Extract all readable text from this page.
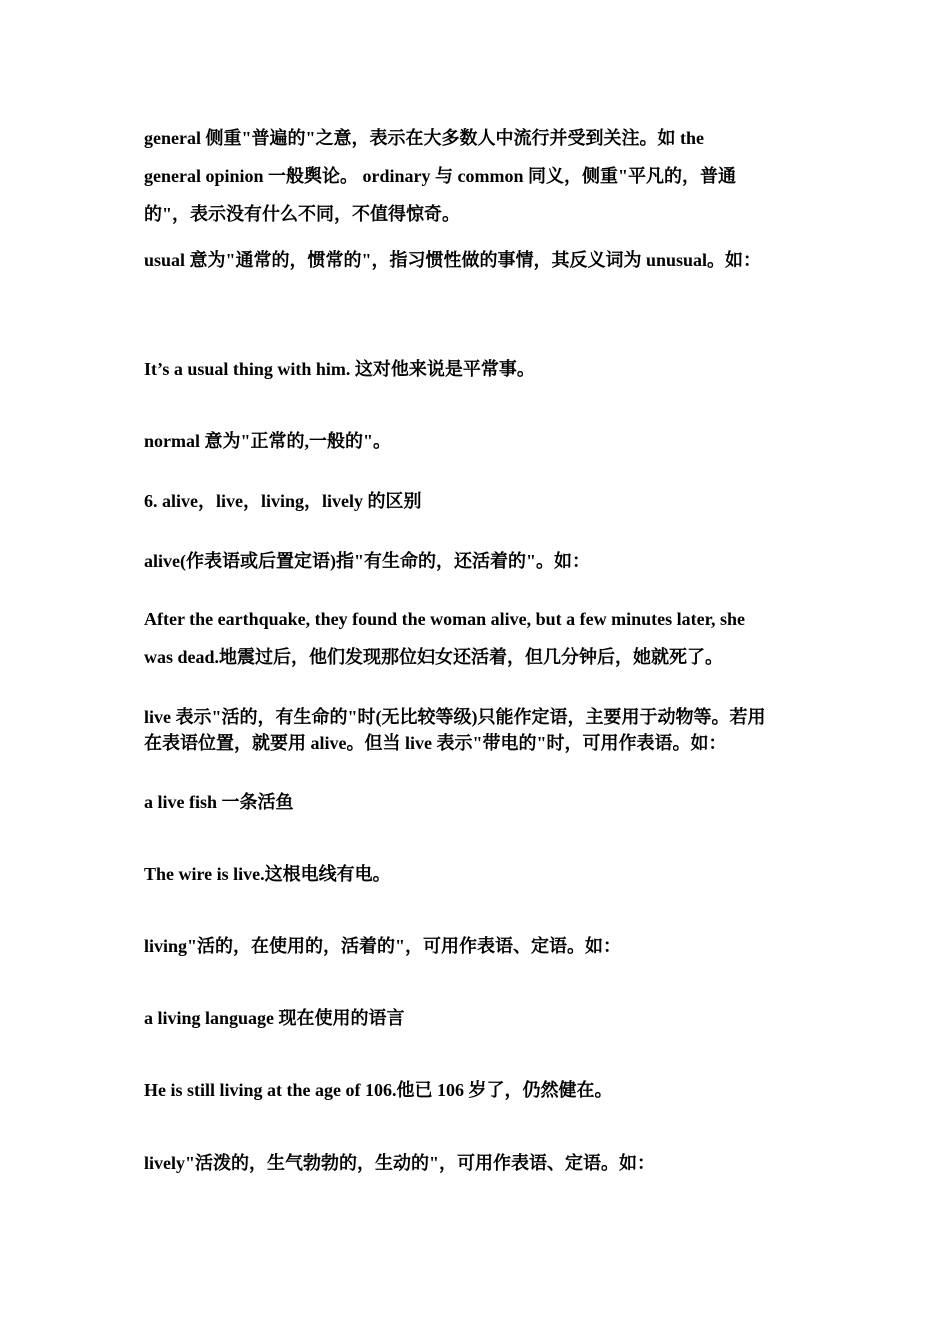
general 侧重"普遍的"之意，表示在大多数人中流行并受到关注。如 the
general opinion 一般舆论。 ordinary 与 common 同义，侧重"平凡的，普通
的"，表示没有什么不同，不值得惊奇。

usual 意为"通常的，惯常的"，指习惯性做的事情，其反义词为 unusual。如：

It’s a usual thing with him. 这对他来说是平常事。

normal 意为"正常的,一般的"。

6. alive，live，living，lively 的区别

alive(作表语或后置定语)指"有生命的，还活着的"。如：

After the earthquake, they found the woman alive, but a few minutes later, she
was dead.地震过后，他们发现那位妇女还活着，但几分钟后，她就死了。

live 表示"活的，有生命的"时(无比较等级)只能作定语，主要用于动物等。若用
在表语位置，就要用 alive。但当 live 表示"带电的"时，可用作表语。如：

a live fish 一条活鱼

The wire is live.这根电线有电。

living"活的，在使用的，活着的"，可用作表语、定语。如：

a living language 现在使用的语言

He is still living at the age of 106.他已 106 岁了，仍然健在。

lively"活泼的，生气勃勃的，生动的"，可用作表语、定语。如：
